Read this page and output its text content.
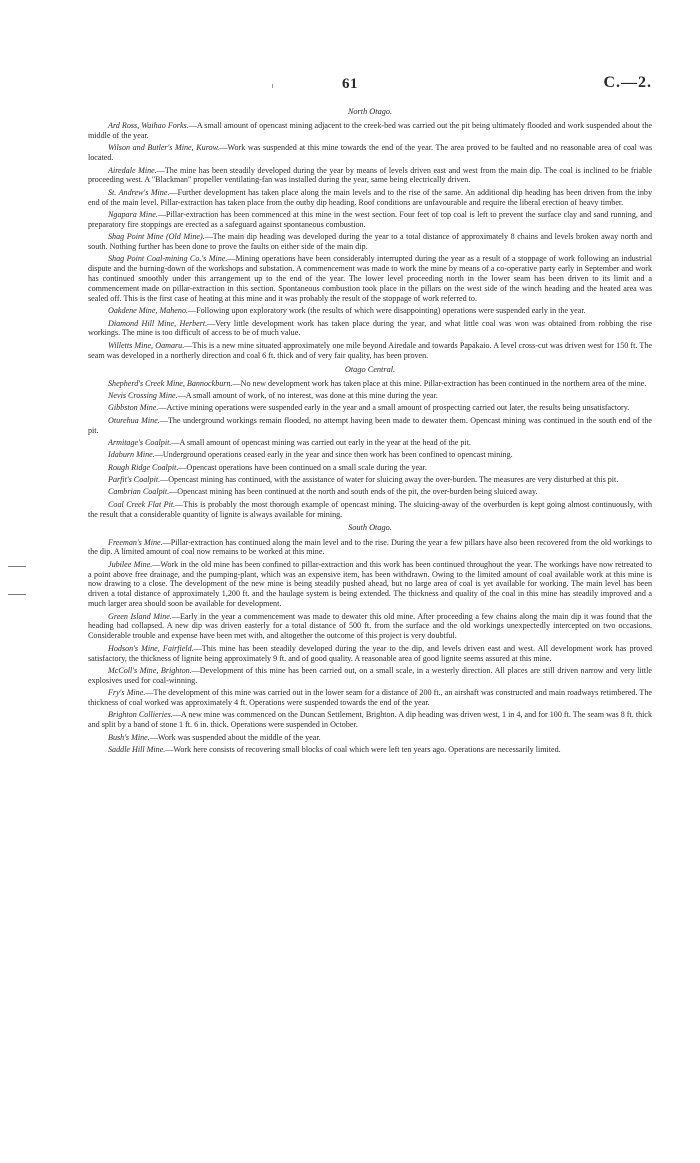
61	C.—2.
North Otago.

Ard Ross, Waihao Forks.—A small amount of opencast mining adjacent to the creek-bed was carried out the pit being ultimately flooded and work suspended about the middle of the year.

Wilson and Butler's Mine, Kurow.—Work was suspended at this mine towards the end of the year. The area proved to be faulted and no reasonable area of coal was located.

Airedale Mine.—The mine has been steadily developed during the year by means of levels driven east and west from the main dip. The coal is inclined to be friable proceeding west. A "Blackman" propeller ventilating-fan was installed during the year, same being electrically driven.

St. Andrew's Mine.—Further development has taken place along the main levels and to the rise of the same. An additional dip heading has been driven from the inby end of the main level. Pillar-extraction has taken place from the outby dip heading. Roof conditions are unfavourable and require the liberal erection of heavy timber.

Ngapara Mine.—Pillar-extraction has been commenced at this mine in the west section. Four feet of top coal is left to prevent the surface clay and sand running, and preparatory fire stoppings are erected as a safeguard against spontaneous combustion.

Shag Point Mine (Old Mine).—The main dip heading was developed during the year to a total distance of approximately 8 chains and levels broken away north and south. Nothing further has been done to prove the faults on either side of the main dip.

Shag Point Coal-mining Co.'s Mine.—Mining operations have been considerably interrupted during the year as a result of a stoppage of work following an industrial dispute and the burning-down of the workshops and substation. A commencement was made to work the mine by means of a co-operative party early in September and work has continued smoothly under this arrangement up to the end of the year. The lower level proceeding north in the lower seam has been driven to its limit and a commencement made on pillar-extraction in this section. Spontaneous combustion took place in the pillars on the west side of the winch heading and the heated area was sealed off. This is the first case of heating at this mine and it was probably the result of the stoppage of work referred to.

Oakdene Mine, Maheno.—Following upon exploratory work (the results of which were disappointing) operations were suspended early in the year.

Diamond Hill Mine, Herbert.—Very little development work has taken place during the year, and what little coal was won was obtained from robbing the rise workings. The mine is too difficult of access to be of much value.

Willetts Mine, Oamaru.—This is a new mine situated approximately one mile beyond Airedale and towards Papakaio. A level cross-cut was driven west for 150 ft. The seam was developed in a northerly direction and coal 6 ft. thick and of very fair quality, has been proven.

Otago Central.

Shepherd's Creek Mine, Bannockburn.—No new development work has taken place at this mine. Pillar-extraction has been continued in the northern area of the mine.

Nevis Crossing Mine.—A small amount of work, of no interest, was done at this mine during the year.

Gibbston Mine.—Active mining operations were suspended early in the year and a small amount of prospecting carried out later, the results being unsatisfactory.

Oturehua Mine.—The underground workings remain flooded, no attempt having been made to dewater them. Opencast mining was continued in the south end of the pit.

Armitage's Coalpit.—A small amount of opencast mining was carried out early in the year at the head of the pit.

Idaburn Mine.—Underground operations ceased early in the year and since then work has been confined to opencast mining.

Rough Ridge Coalpit.—Opencast operations have been continued on a small scale during the year.

Parfit's Coalpit.—Opencast mining has continued, with the assistance of water for sluicing away the over-burden. The measures are very disturbed at this pit.

Cambrian Coalpit.—Opencast mining has been continued at the north and south ends of the pit, the over-burden being sluiced away.

Coal Creek Flat Pit.—This is probably the most thorough example of opencast mining. The sluicing-away of the overburden is kept going almost continuously, with the result that a considerable quantity of lignite is always available for mining.

South Otago.

Freeman's Mine.—Pillar-extraction has continued along the main level and to the rise. During the year a few pillars have also been recovered from the old workings to the dip. A limited amount of coal now remains to be worked at this mine.

Jubilee Mine.—Work in the old mine has been confined to pillar-extraction and this work has been continued throughout the year. The workings have now retreated to a point above free drainage, and the pumping-plant, which was an expensive item, has been withdrawn. Owing to the limited amount of coal available work at this mine is now drawing to a close. The development of the new mine is being steadily pushed ahead, but no large area of coal is yet available for working. The main level has been driven a total distance of approximately 1,200 ft. and the haulage system is being extended. The thickness and quality of the coal in this mine has steadily improved and a much larger area should soon be available for development.

Green Island Mine.—Early in the year a commencement was made to dewater this old mine. After proceeding a few chains along the main dip it was found that the heading had collapsed. A new dip was driven easterly for a total distance of 500 ft. from the surface and the old workings unexpectedly intercepted on two occasions. Considerable trouble and expense have been met with, and altogether the outcome of this project is very doubtful.

Hodson's Mine, Fairfield.—This mine has been steadily developed during the year to the dip, and levels driven east and west. All development work has proved satisfactory, the thickness of lignite being approximately 9 ft. and of good quality. A reasonable area of good lignite seems assured at this mine.

McColl's Mine, Brighton.—Development of this mine has been carried out, on a small scale, in a westerly direction. All places are still driven narrow and very little explosives used for coal-winning.

Fry's Mine.—The development of this mine was carried out in the lower seam for a distance of 200 ft., an airshaft was constructed and main roadways retimbered. The thickness of coal worked was approximately 4 ft. Operations were suspended towards the end of the year.

Brighton Collieries.—A new mine was commenced on the Duncan Settlement, Brighton. A dip heading was driven west, 1 in 4, and for 100 ft. The seam was 8 ft. thick and split by a band of stone 1 ft. 6 in. thick. Operations were suspended in October.

Bush's Mine.—Work was suspended about the middle of the year.

Saddle Hill Mine.—Work here consists of recovering small blocks of coal which were left ten years ago. Operations are necessarily limited.
